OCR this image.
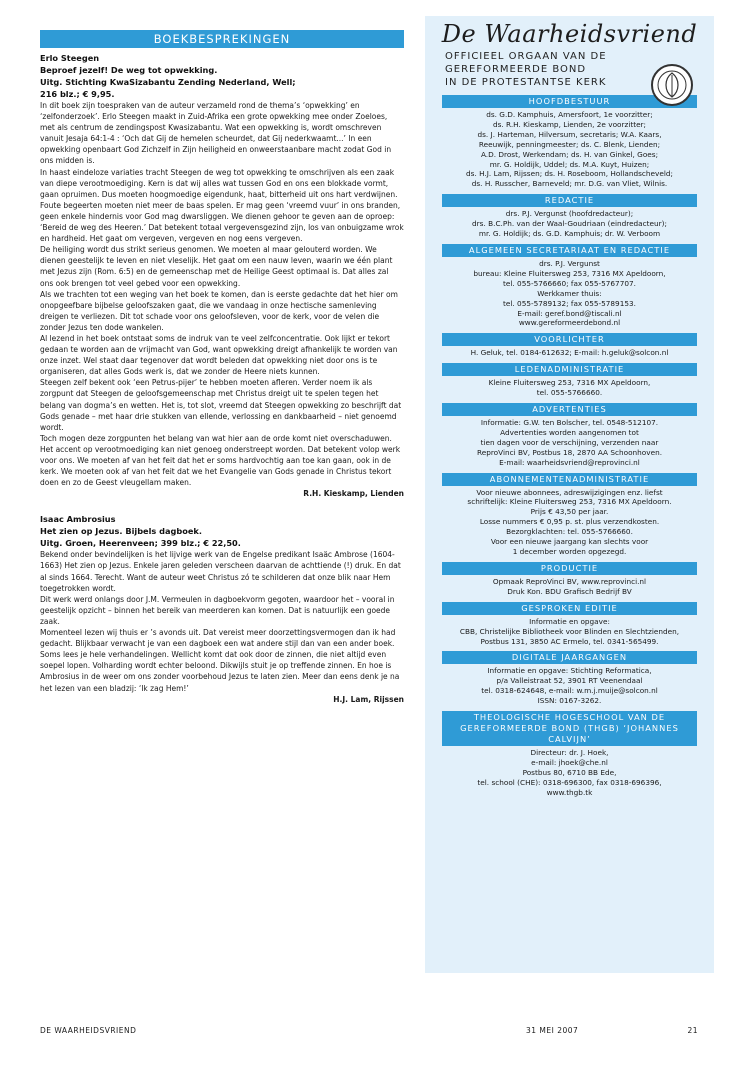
BOEKBESPREKINGEN
Erlo Steegen
Beproef jezelf! De weg tot opwekking.
Uitg. Stichting KwaSizabantu Zending Nederland, Well;
216 blz.; € 9,95.

In dit boek zijn toespraken van de auteur verzameld rond de thema’s ‘opwekking’ en ‘zelfonderzoek’. Erlo Steegen maakt in Zuid-Afrika een grote opwekking mee onder Zoeloes, met als centrum de zendingspost Kwasizabantu. Wat een opwekking is, wordt omschreven vanuit Jesaja 64:1-4 : ‘Och dat Gij de hemelen scheurdet, dat Gij nederkwaamt...’ In een opwekking openbaart God Zichzelf in Zijn heiligheid en onweerstaanbare macht zodat God in ons midden is.

In haast eindeloze variaties tracht Steegen de weg tot opwekking te omschrijven als een zaak van diepe verootmoediging. Kern is dat wij alles wat tussen God en ons een blokkade vormt, gaan opruimen. Dus moeten hoogmoedige eigendunk, haat, bitterheid uit ons hart verdwijnen. Foute begeerten moeten niet meer de baas spelen. Er mag geen ‘vreemd vuur’ in ons branden, geen enkele hindernis voor God mag dwarsliggen. We dienen gehoor te geven aan de oproep: ‘Bereid de weg des Heeren.’ Dat betekent totaal vergevensgezind zijn, los van onbuigzame wrok en hardheid. Het gaat om vergeven, vergeven en nog eens vergeven.

De heiliging wordt dus strikt serieus genomen. We moeten al maar gelouterd worden. We dienen geestelijk te leven en niet vleselijk. Het gaat om een nauw leven, waarin we één plant met Jezus zijn (Rom. 6:5) en de gemeenschap met de Heilige Geest optimaal is. Dat alles zal ons ook brengen tot veel gebed voor een opwekking.

Als we trachten tot een weging van het boek te komen, dan is eerste gedachte dat het hier om onopgeefbare bijbelse geloofszaken gaat, die we vandaag in onze hectische samenleving dreigen te verliezen. Dit tot schade voor ons geloofsleven, voor de kerk, voor de velen die zonder Jezus ten dode wankelen.

Al lezend in het boek ontstaat soms de indruk van te veel zelfconcentratie. Ook lijkt er tekort gedaan te worden aan de vrijmacht van God, want opwekking dreigt afhankelijk te worden van onze inzet. Wel staat daar tegenover dat wordt beleden dat opwekking niet door ons is te organiseren, dat alles Gods werk is, dat we zonder de Heere niets kunnen.

Steegen zelf bekent ook ‘een Petrus-pijer’ te hebben moeten afleren. Verder noem ik als zorgpunt dat Steegen de geloofsgemeenschap met Christus dreigt uit te spelen tegen het belang van dogma’s en wetten. Het is, tot slot, vreemd dat Steegen opwekking zo beschrijft dat Gods genade – met haar drie stukken van ellende, verlossing en dankbaarheid – niet genoemd wordt.

Toch mogen deze zorgpunten het belang van wat hier aan de orde komt niet overschaduwen. Het accent op verootmoediging kan niet genoeg onderstreept worden. Dat betekent volop werk voor ons. We moeten af van het feit dat het er soms hardvochtig aan toe kan gaan, ook in de kerk. We moeten ook af van het feit dat we het Evangelie van Gods genade in Christus tekort doen en zo de Geest vleugellam maken.

R.H. Kieskamp, Lienden
Isaac Ambrosius
Het zien op Jezus. Bijbels dagboek.
Uitg. Groen, Heerenveen; 399 blz.; € 22,50.

Bekend onder bevindelijken is het lijvige werk van de Engelse predikant Isaäc Ambrose (1604-1663) Het zien op Jezus. Enkele jaren geleden verscheen daarvan de achttiende (!) druk. En dat al sinds 1664. Terecht. Want de auteur weet Christus zó te schilderen dat onze blik naar Hem toegetrokken wordt.

Dit werk werd onlangs door J.M. Vermeulen in dagboekvorm gegoten, waardoor het – vooral in geestelijk opzicht – binnen het bereik van meerderen kan komen. Dat is natuurlijk een goede zaak.

Momenteel lezen wij thuis er ’s avonds uit. Dat vereist meer doorzettingsvermogen dan ik had gedacht. Blijkbaar verwacht je van een dagboek een wat andere stijl dan van een ander boek. Soms lees je hele verhandelingen. Wellicht komt dat ook door de zinnen, die niet altijd even soepel lopen. Volharding wordt echter beloond. Dikwijls stuit je op treffende zinnen. En hoe is Ambrosius in de weer om ons zonder voorbehoud Jezus te laten zien. Meer dan eens denk je na het lezen van een bladzij: ‘Ik zag Hem!’

H.J. Lam, Rijssen
De Waarheidsvriend
OFFICIEEL ORGAAN VAN DE
GEREFORMEERDE BOND
IN DE PROTESTANTSE KERK
HOOFDBESTUUR
ds. G.D. Kamphuis, Amersfoort, 1e voorzitter;
ds. R.H. Kieskamp, Lienden, 2e voorzitter;
ds. J. Harteman, Hilversum, secretaris; W.A. Kaars,
Reeuwijk, penningmeester; ds. C. Blenk, Lienden;
A.D. Drost, Werkendam; ds. H. van Ginkel, Goes;
mr. G. Holdijk, Uddel; ds. M.A. Kuyt, Huizen;
ds. H.J. Lam, Rijssen; ds. H. Roseboom, Hollandscheveld;
ds. H. Russcher, Barneveld; mr. D.G. van Vliet, Wilnis.
REDACTIE
drs. P.J. Vergunst (hoofdredacteur);
drs. B.C.Ph. van der Waal-Goudriaan (eindredacteur);
mr. G. Holdijk; ds. G.D. Kamphuis; dr. W. Verboom
ALGEMEEN SECRETARIAAT EN REDACTIE
drs. P.J. Vergunst
bureau: Kleine Fluitersweg 253, 7316 MX Apeldoorn,
tel. 055-5766660; fax 055-5767707.
Werkkamer thuis:
tel. 055-5789132; fax 055-5789153.
E-mail: geref.bond@tiscali.nl
www.gereformeerdebond.nl
VOORLICHTER
H. Geluk, tel. 0184-612632; E-mail: h.geluk@solcon.nl
LEDENADMINISTRATIE
Kleine Fluitersweg 253, 7316 MX Apeldoorn,
tel. 055-5766660.
ADVERTENTIES
Informatie: G.W. ten Bolscher, tel. 0548-512107.
Advertenties worden aangenomen tot
tien dagen voor de verschijning, verzenden naar
ReproVinci BV, Postbus 18, 2870 AA Schoonhoven.
E-mail: waarheidsvriend@reprovinci.nl
ABONNEMENTENADMINISTRATIE
Voor nieuwe abonnees, adreswijzigingen enz. liefst
schriftelijk: Kleine Fluitersweg 253, 7316 MX Apeldoorn.
Prijs € 43,50 per jaar.
Losse nummers € 0,95 p. st. plus verzendkosten.
Bezorgklachten: tel. 055-5766660.
Voor een nieuwe jaargang kan slechts voor
1 december worden opgezegd.
PRODUCTIE
Opmaak ReproVinci BV, www.reprovinci.nl
Druk Kon. BDU Grafisch Bedrijf BV
GESPROKEN EDITIE
Informatie en opgave:
CBB, Christelijke Bibliotheek voor Blinden en Slechtzienden,
Postbus 131, 3850 AC Ermelo, tel. 0341-565499.
DIGITALE JAARGANGEN
Informatie en opgave: Stichting Reformatica,
p/a Valleistraat 52, 3901 RT Veenendaal
tel. 0318-624648, e-mail: w.m.j.muije@solcon.nl
ISSN: 0167-3262.
THEOLOGISCHE HOGESCHOOL VAN DE GEREFORMEERDE BOND (THGB) ‘JOHANNES CALVIJN’
Directeur: dr. J. Hoek,
e-mail: jhoek@che.nl
Postbus 80, 6710 BB Ede,
tel. school (CHE): 0318-696300, fax 0318-696396,
www.thgb.tk
DE WAARHEIDSVRIEND	31 MEI 2007	21
